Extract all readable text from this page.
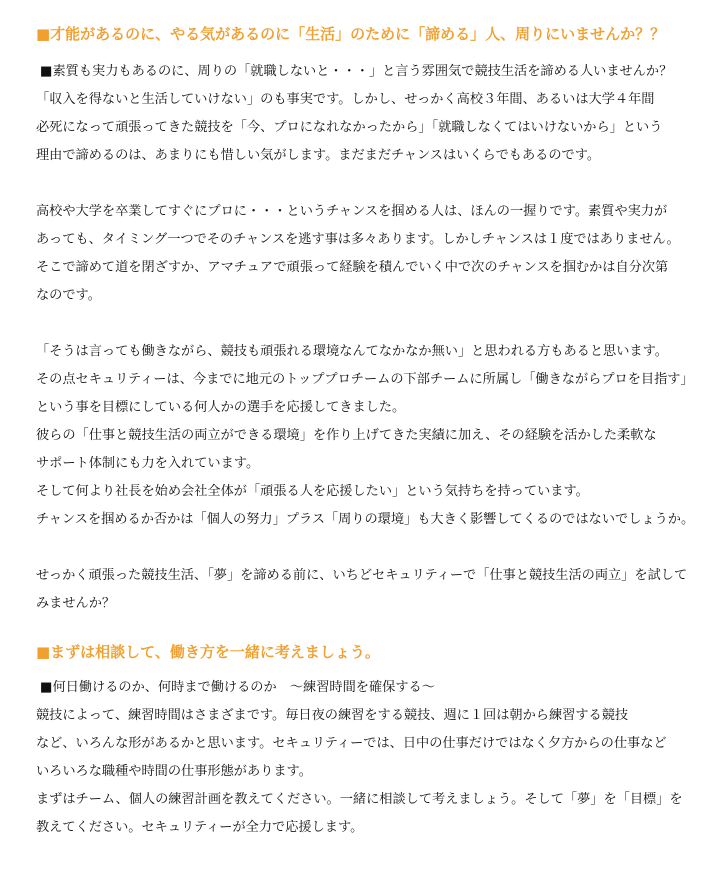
■才能があるのに、やる気があるのに「生活」のために「諦める」人、周りにいませんか？？
■素質も実力もあるのに、周りの「就職しないと・・・」と言う雰囲気で競技生活を諦める人いませんか？
「収入を得ないと生活していけない」のも事実です。しかし、せっかく高校３年間、あるいは大学４年間
必死になって頑張ってきた競技を「今、プロになれなかったから」「就職しなくてはいけないから」という
理由で諦めるのは、あまりにも惜しい気がします。まだまだチャンスはいくらでもあるのです。
高校や大学を卒業してすぐにプロに・・・というチャンスを掴める人は、ほんの一握りです。素質や実力が
あっても、タイミング一つでそのチャンスを逃す事は多々あります。しかしチャンスは１度ではありません。
そこで諦めて道を閉ざすか、アマチュアで頑張って経験を積んでいく中で次のチャンスを掴むかは自分次第
なのです。
「そうは言っても働きながら、競技も頑張れる環境なんてなかなか無い」と思われる方もあると思います。
その点セキュリティーは、今までに地元のトッププロチームの下部チームに所属し「働きながらプロを目指す」
という事を目標にしている何人かの選手を応援してきました。
彼らの「仕事と競技生活の両立ができる環境」を作り上げてきた実績に加え、その経験を活かした柔軟な
サポート体制にも力を入れています。
そして何より社長を始め会社全体が「頑張る人を応援したい」という気持ちを持っています。
チャンスを掴めるか否かは「個人の努力」プラス「周りの環境」も大きく影響してくるのではないでしょうか。
せっかく頑張った競技生活、「夢」を諦める前に、いちどセキュリティーで「仕事と競技生活の両立」を試して
みませんか？
■まずは相談して、働き方を一緒に考えましょう。
■何日働けるのか、何時まで働けるのか　～練習時間を確保する～
競技によって、練習時間はさまざまです。毎日夜の練習をする競技、週に１回は朝から練習する競技
など、いろんな形があるかと思います。セキュリティーでは、日中の仕事だけではなく夕方からの仕事など
いろいろな職種や時間の仕事形態があります。
まずはチーム、個人の練習計画を教えてください。一緒に相談して考えましょう。そして「夢」を「目標」を
教えてください。セキュリティーが全力で応援します。
